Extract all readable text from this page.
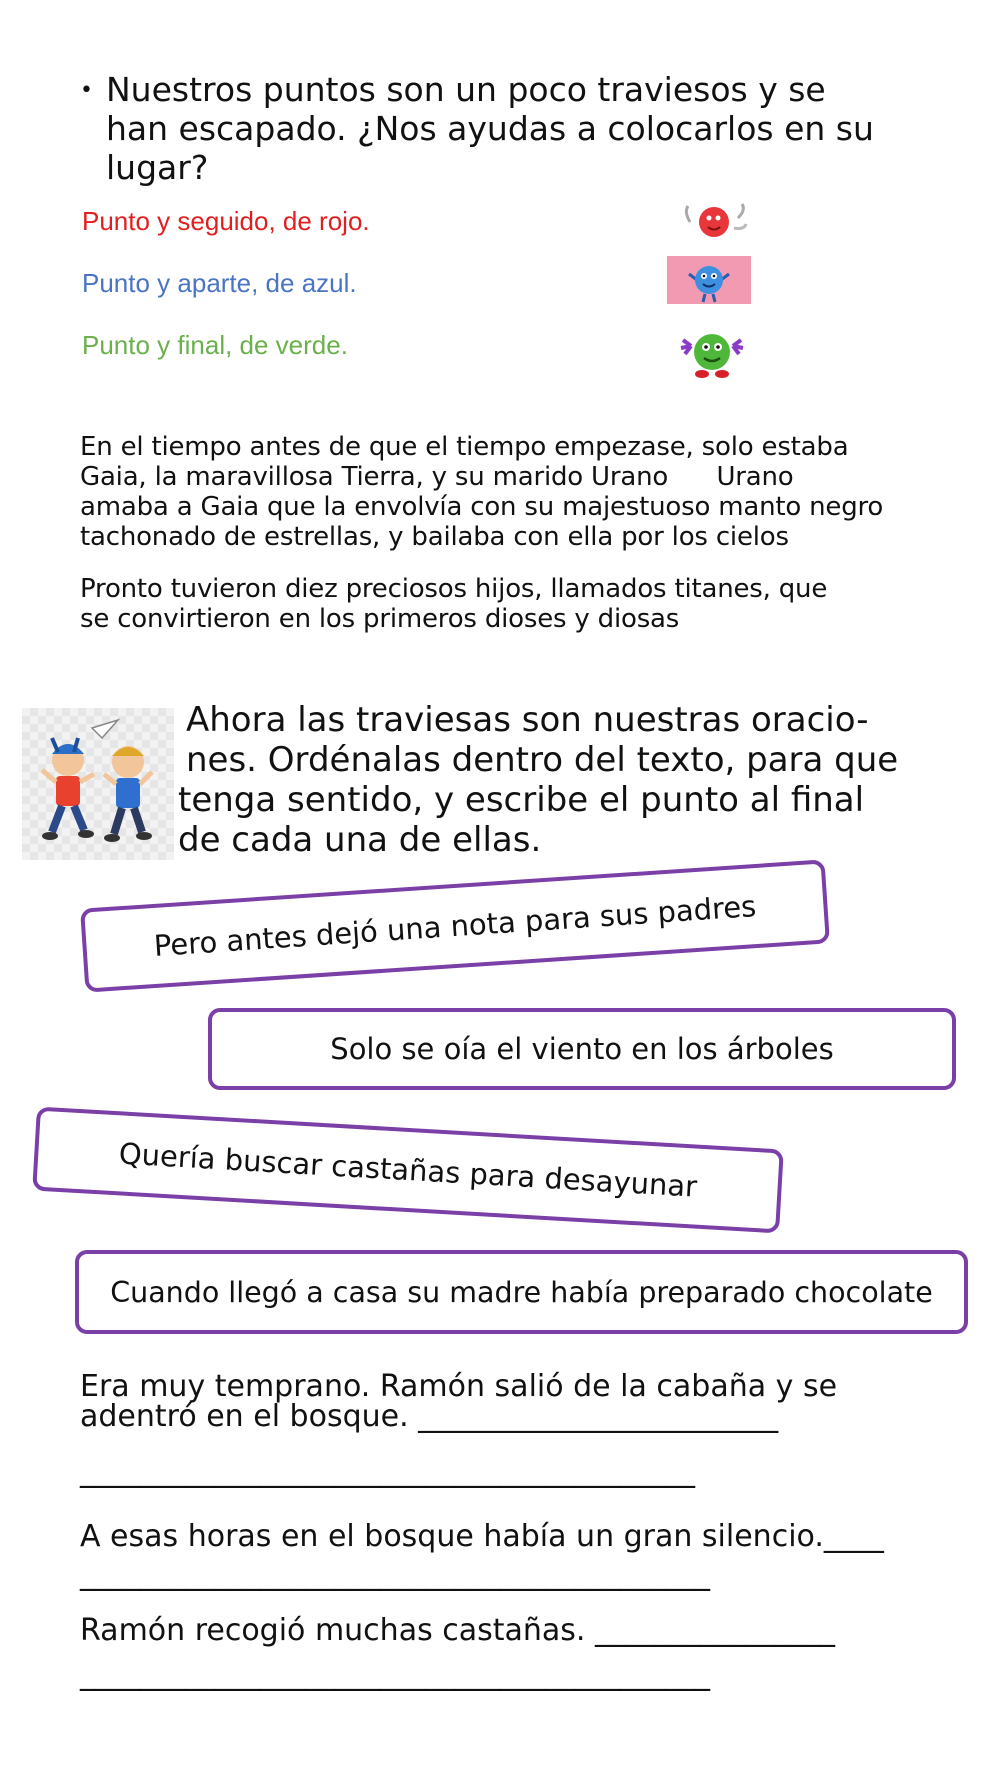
• Nuestros puntos son un poco traviesos y se
han escapado. ¿Nos ayudas a colocarlos en su
lugar?
Punto y seguido, de rojo.
Punto y aparte, de azul.
Punto y final, de verde.

En el tiempo antes de que el tiempo empezase, solo estaba

Gaia, la maravillosa Tierra, y su marido Urano      Urano

amaba a Gaia que la envolvía con su majestuoso manto negro

tachonado de estrellas, y bailaba con ella por los cielos

Pronto tuvieron diez preciosos hijos, llamados titanes, que

se convirtieron en los primeros dioses y diosas

Ahora las traviesas son nuestras oracio-
nes. Ordénalas dentro del texto, para que
tenga sentido, y escribe el punto al final
de cada una de ellas.
Pero antes dejó una nota para sus padres
Solo se oía el viento en los árboles
Quería buscar castañas para desayunar
Cuando llegó a casa su madre había preparado chocolate
Era muy temprano. Ramón salió de la cabaña y se
adentró en el bosque. ________________________
_________________________________________
A esas horas en el bosque había un gran silencio.____
__________________________________________
Ramón recogió muchas castañas. ________________
__________________________________________
